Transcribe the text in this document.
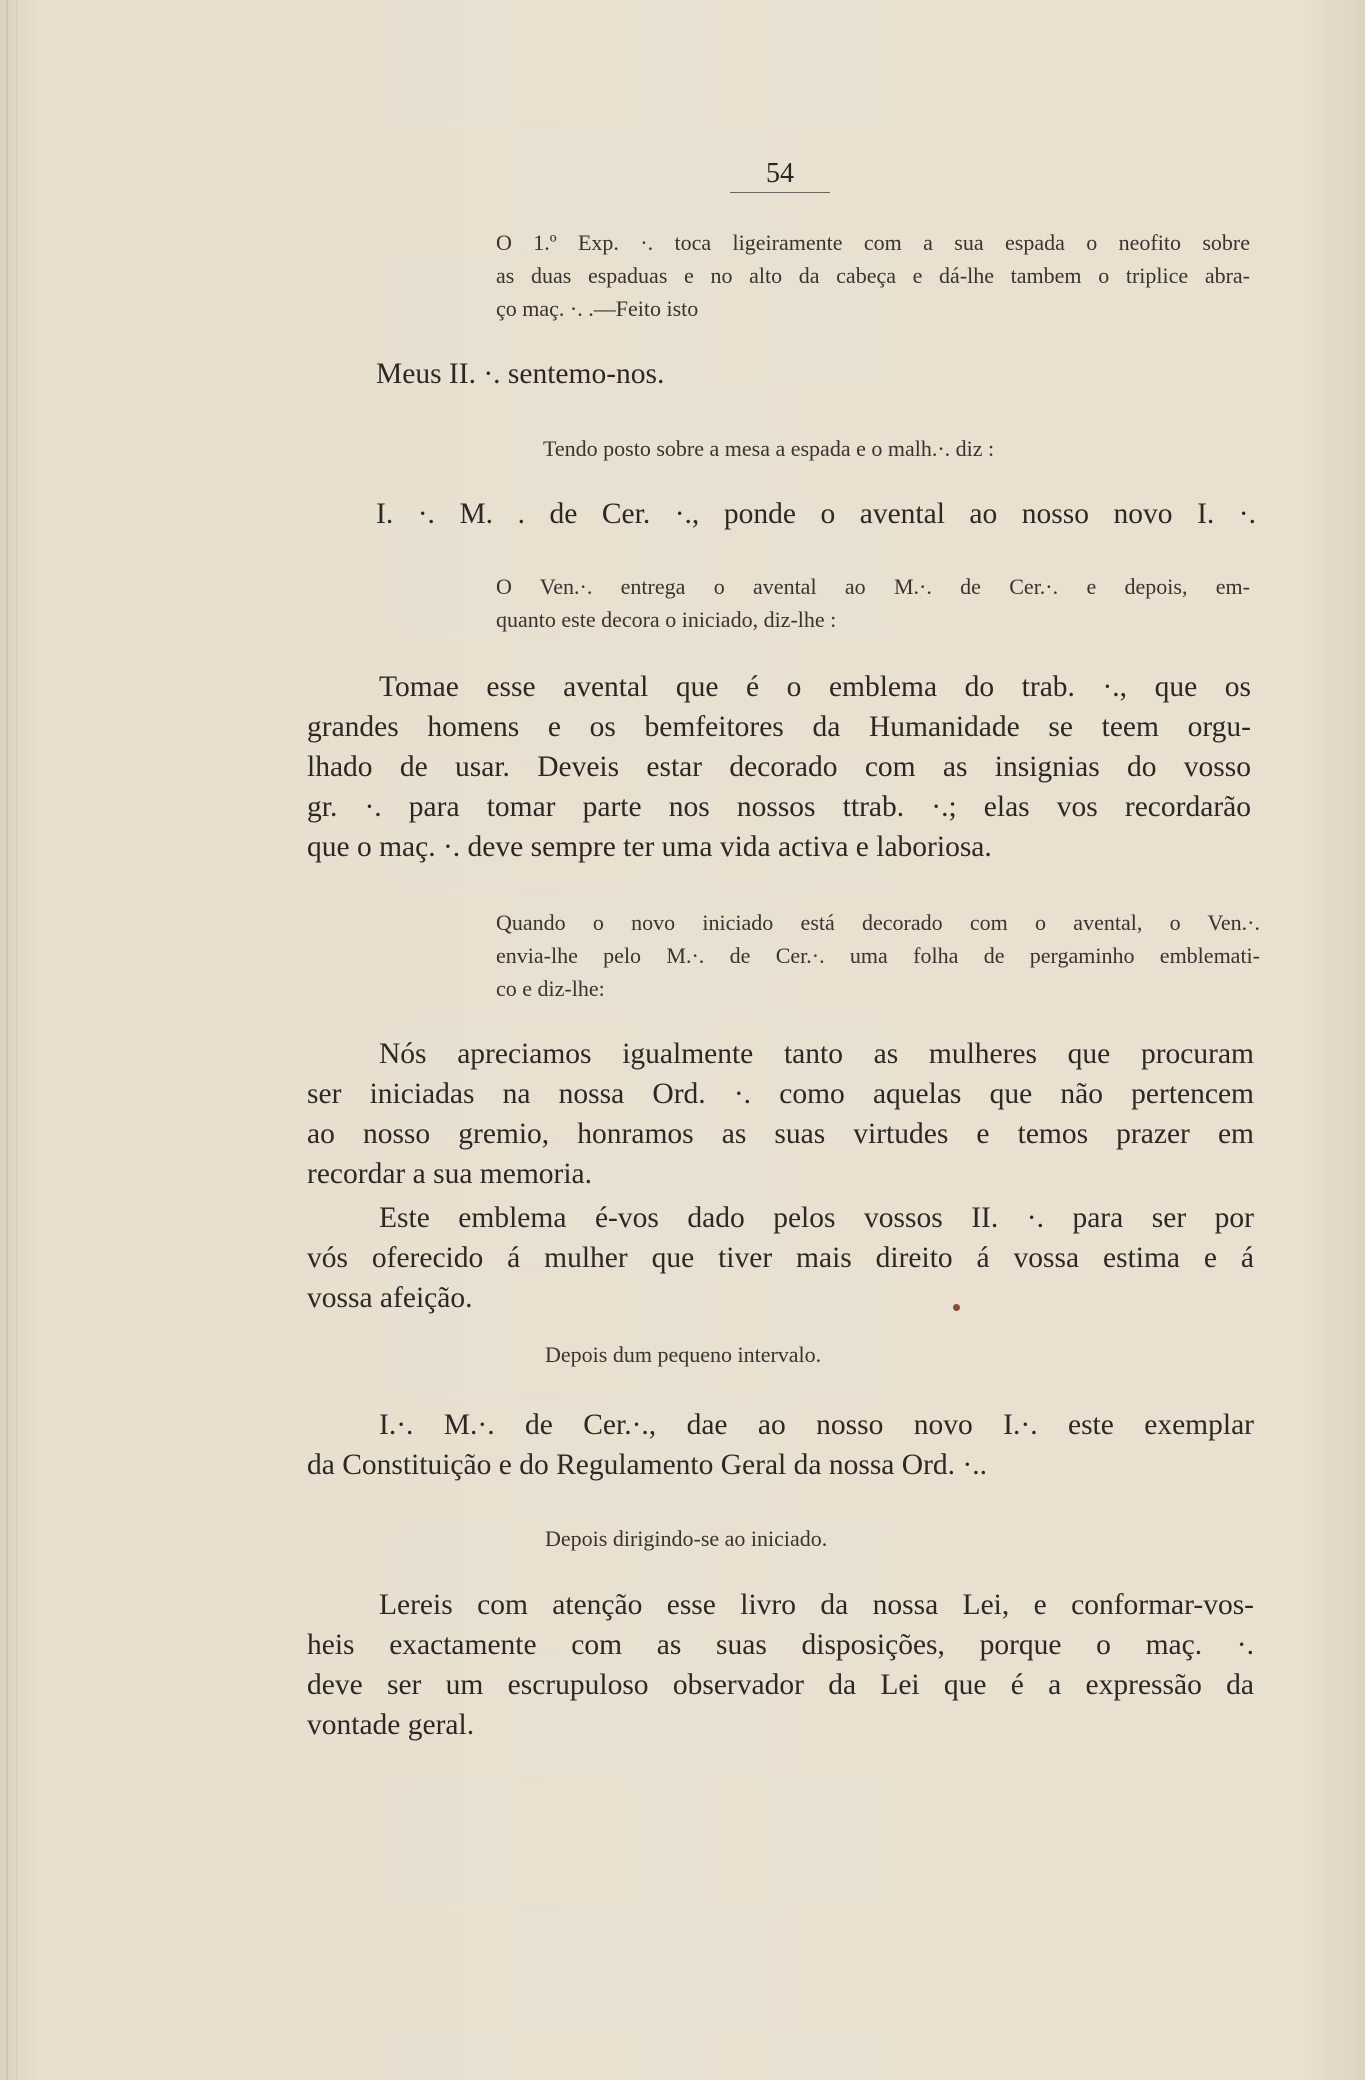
54
O 1.º Exp. ·. toca ligeiramente com a sua espada o neofito sobre
as duas espaduas e no alto da cabeça e dá-lhe tambem o triplice abra-
ço maç. ·. .—Feito isto
Meus II. ·. sentemo-nos.
Tendo posto sobre a mesa a espada e o malh.·. diz :
I. ·. M. . de Cer. ·., ponde o avental ao nosso novo I. ·.
O Ven.·. entrega o avental ao M.·. de Cer.·. e depois, em-
quanto este decora o iniciado, diz-lhe :
Tomae esse avental que é o emblema do trab. ·., que os
grandes homens e os bemfeitores da Humanidade se teem orgu-
lhado de usar. Deveis estar decorado com as insignias do vosso
gr. ·. para tomar parte nos nossos ttrab. ·.; elas vos recordarão
que o maç. ·. deve sempre ter uma vida activa e laboriosa.
Quando o novo iniciado está decorado com o avental, o Ven.·.
envia-lhe pelo M.·. de Cer.·. uma folha de pergaminho emblemati-
co e diz-lhe:
Nós apreciamos igualmente tanto as mulheres que procuram
ser iniciadas na nossa Ord. ·. como aquelas que não pertencem
ao nosso gremio, honramos as suas virtudes e temos prazer em
recordar a sua memoria.
Este emblema é-vos dado pelos vossos II. ·. para ser por
vós oferecido á mulher que tiver mais direito á vossa estima e á
vossa afeição.
Depois dum pequeno intervalo.
I.·. M.·. de Cer.·., dae ao nosso novo I.·. este exemplar
da Constituição e do Regulamento Geral da nossa Ord. ·..
Depois dirigindo-se ao iniciado.
Lereis com atenção esse livro da nossa Lei, e conformar-vos-
heis exactamente com as suas disposições, porque o maç. ·.
deve ser um escrupuloso observador da Lei que é a expressão da
vontade geral.
